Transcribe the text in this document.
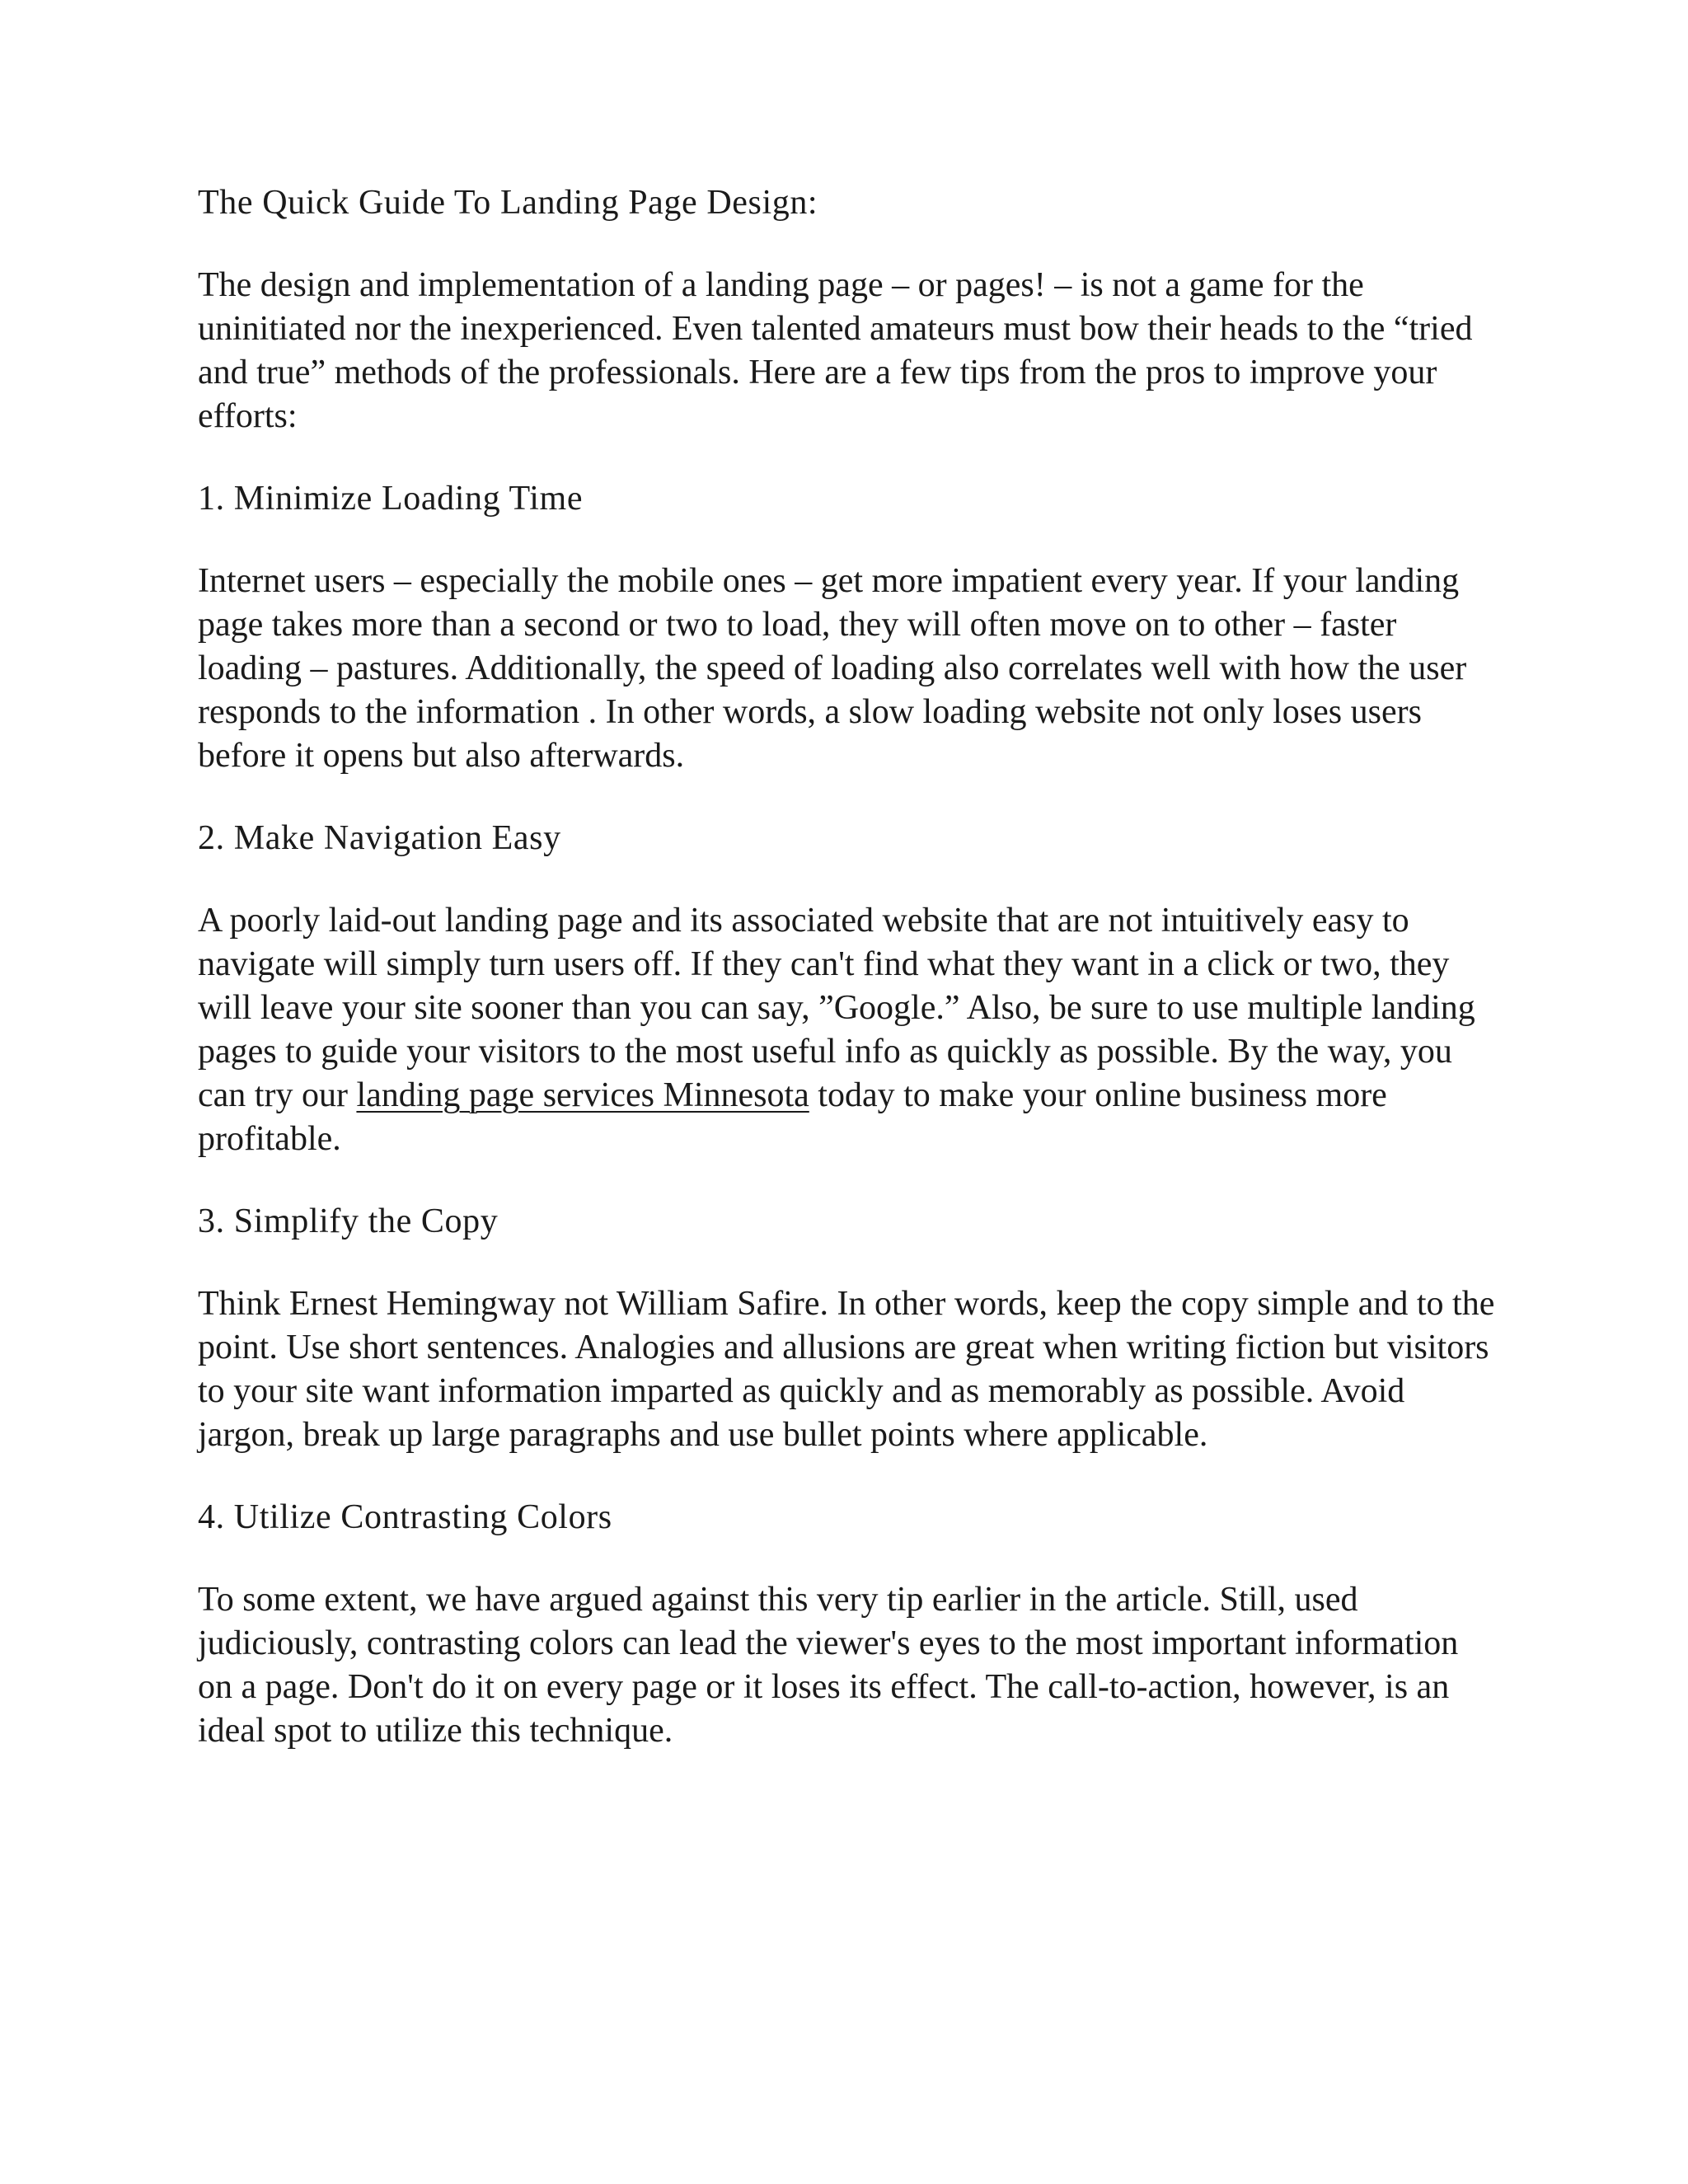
The Quick Guide To Landing Page Design:

The design and implementation of a landing page – or pages! – is not a game for the uninitiated nor the inexperienced. Even talented amateurs must bow their heads to the “tried and true” methods of the professionals. Here are a few tips from the pros to improve your efforts:

1. Minimize Loading Time

Internet users – especially the mobile ones – get more impatient every year. If your landing page takes more than a second or two to load, they will often move on to other – faster loading – pastures. Additionally, the speed of loading also correlates well with how the user responds to the information . In other words, a slow loading website not only loses users before it opens but also afterwards.

2. Make Navigation Easy

A poorly laid-out landing page and its associated website that are not intuitively easy to navigate will simply turn users off. If they can't find what they want in a click or two, they will leave your site sooner than you can say, ”Google.” Also, be sure to use multiple landing pages to guide your visitors to the most useful info as quickly as possible. By the way, you can try our landing page services Minnesota today to make your online business more profitable.

3. Simplify the Copy

Think Ernest Hemingway not William Safire. In other words, keep the copy simple and to the point. Use short sentences. Analogies and allusions are great when writing fiction but visitors to your site want information imparted as quickly and as memorably as possible. Avoid jargon, break up large paragraphs and use bullet points where applicable.

4. Utilize Contrasting Colors

To some extent, we have argued against this very tip earlier in the article. Still, used judiciously, contrasting colors can lead the viewer's eyes to the most important information on a page. Don't do it on every page or it loses its effect. The call-to-action, however, is an ideal spot to utilize this technique.
